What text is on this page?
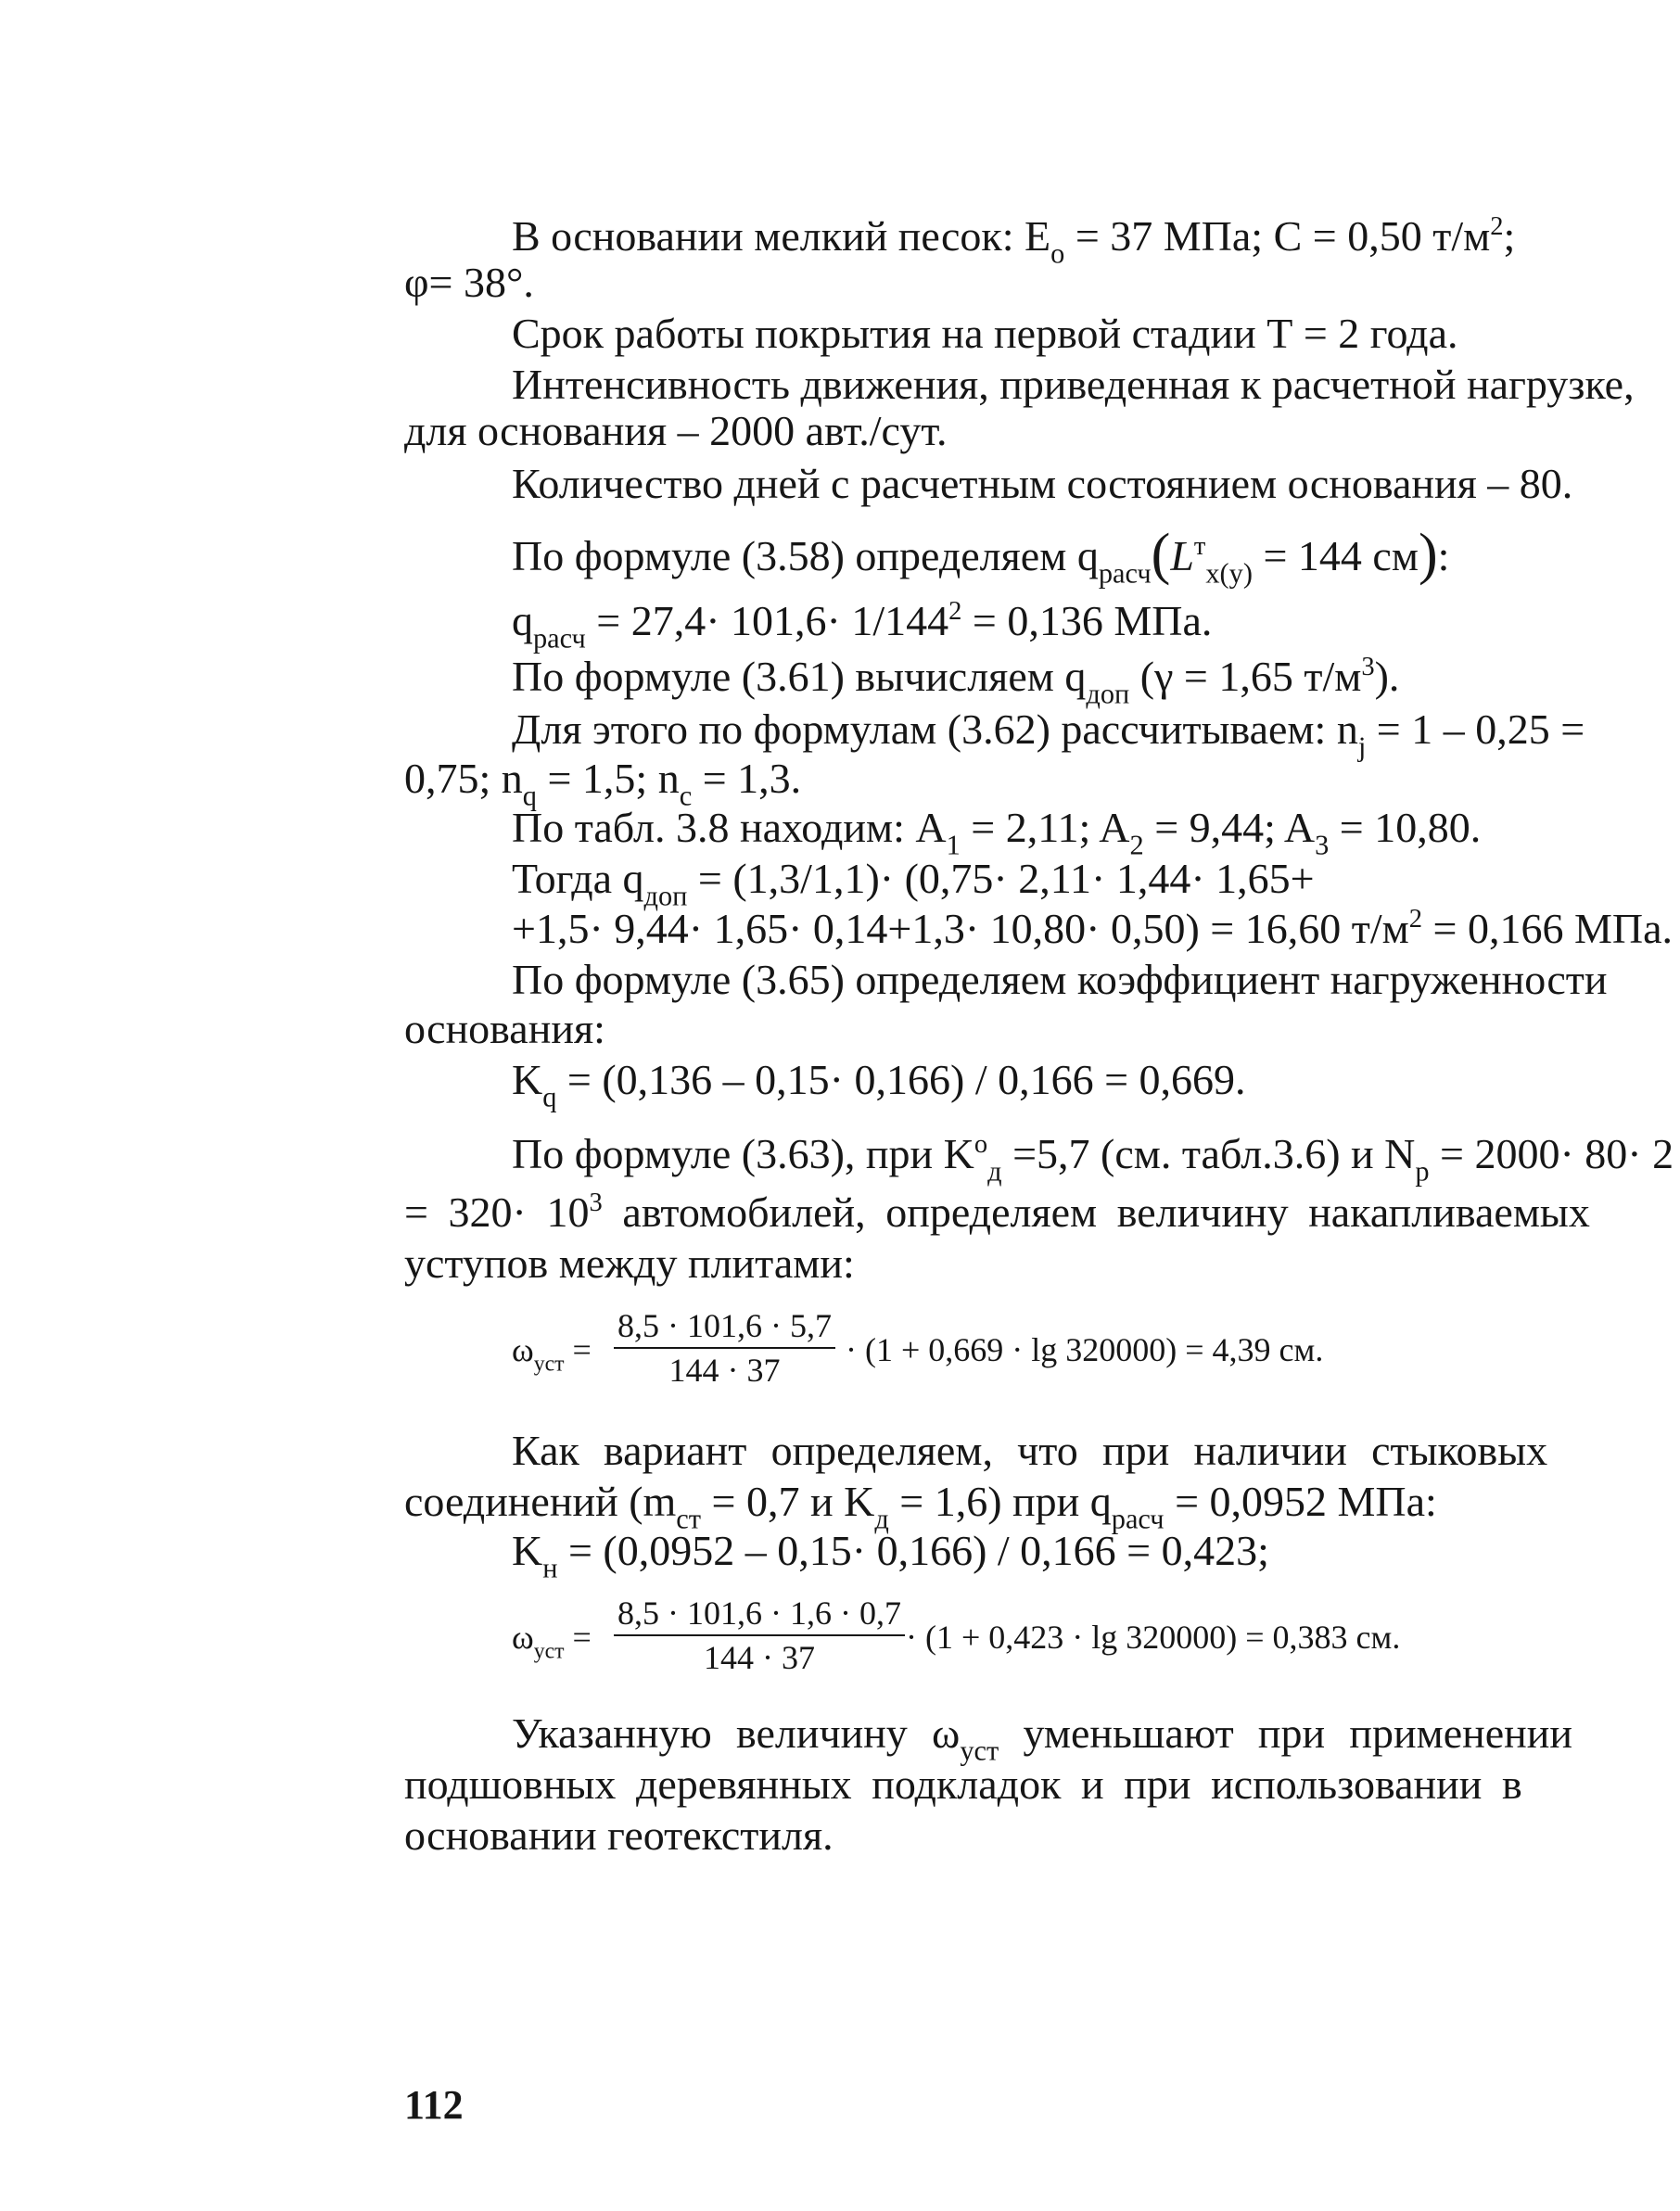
В основании мелкий песок: $E_о = 37$ МПа; С = 0,50 $т/м^2$;
φ= 38°.
Срок работы покрытия на первой стадии Т = 2 года.
Интенсивность движения, приведенная к расчетной нагрузке,
для основания – 2000 авт./сут.
Количество дней с расчетным состоянием основания – 80.
По формуле (3.58) определяем $q_{расч}(L^т_{x(y)} = 144$ см):
$q_{расч} = 27,4\cdot 101,6\cdot 1/144^2 = 0,136$ МПа.
По формуле (3.61) вычисляем $q_{доп}$ (γ = 1,65 $т/м^3$).
Для этого по формулам (3.62) рассчитываем: $n_j = 1 - 0,25$ =
0,75; $n_q = 1,5$; $n_c = 1,3$.
По табл. 3.8 находим: $A_1 = 2,11$; $A_2 = 9,44$; $A_3 = 10,80$.
Тогда $q_{доп} = (1,3/1,1)\cdot (0,75\cdot 2,11\cdot 1,44\cdot 1,65+$
+1,5· 9,44· 1,65· 0,14+1,3· 10,80· 0,50) = 16,60 $т/м^2 = 0,166$ МПа.
По формуле (3.65) определяем коэффициент нагруженности
основания:
$K_q = (0,136 - 0,15\cdot 0,166) / 0,166 = 0,669$.
По формуле (3.63), при $K^о_д =5,7$ (см. табл.3.6) и $N_p = 2000\cdot 80\cdot 2$
= $320\cdot 10^3$ автомобилей, определяем величину накапливаемых
уступов между плитами:
$\omega_{уст}$ =
8,5 · 101,6 · 5,7
144 · 37
· (1 + 0,669 · lg 320000) = 4,39 см.
Как вариант определяем, что при наличии стыковых
соединений ($m_{ст} = 0,7$ и $K_д = 1,6$) при $q_{расч} = 0,0952$ МПа:
$K_н = (0,0952 - 0,15\cdot 0,166) / 0,166 = 0,423$;
$\omega_{уст}$ =
8,5 · 101,6 · 1,6 · 0,7
144 · 37
· (1 + 0,423 · lg 320000) = 0,383 см.
Указанную величину $\omega_{уст}$ уменьшают при применении
подшовных деревянных подкладок и при использовании в
основании геотекстиля.
112
